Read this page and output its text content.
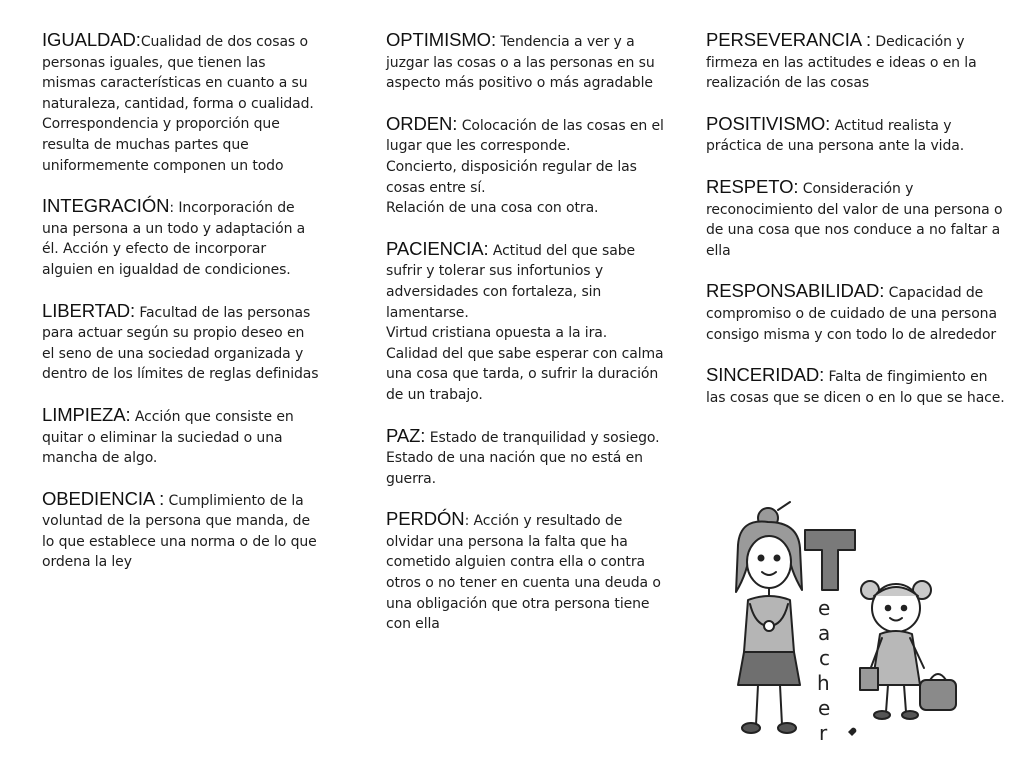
IGUALDAD:Cualidad de dos cosas o personas iguales, que tienen las mismas características en cuanto a su naturaleza, cantidad, forma o cualidad. Correspondencia y proporción que resulta de muchas partes que uniformemente componen un todo

INTEGRACIÓN: Incorporación de una persona a un todo y adaptación a él. Acción y efecto de incorporar alguien en igualdad de condiciones.

LIBERTAD: Facultad de las personas para actuar según su propio deseo en el seno de una sociedad organizada y dentro de los límites de reglas definidas

LIMPIEZA: Acción que consiste en quitar o eliminar la suciedad o una mancha de algo.

OBEDIENCIA : Cumplimiento de la voluntad de la persona que manda, de lo que establece una norma o de lo que ordena la ley

OPTIMISMO: Tendencia a ver y a juzgar las cosas o a las personas en su aspecto más positivo o más agradable

ORDEN: Colocación de las cosas en el lugar que les corresponde.
Concierto, disposición regular de las cosas entre sí.
Relación de una cosa con otra.

PACIENCIA: Actitud del que sabe sufrir y tolerar sus infortunios y adversidades con fortaleza, sin lamentarse.
Virtud cristiana opuesta a la ira.
Calidad del que sabe esperar con calma una cosa que tarda, o sufrir la duración de un trabajo.

PAZ: Estado de tranquilidad y sosiego. Estado de una nación que no está en guerra.

PERDÓN: Acción y resultado de olvidar una persona la falta que ha cometido alguien contra ella o contra otros o no tener en cuenta una deuda o una obligación que otra persona tiene con ella

PERSEVERANCIA : Dedicación y firmeza en las actitudes e ideas o en la realización de las cosas

POSITIVISMO: Actitud realista y práctica de una persona ante la vida.

RESPETO: Consideración y reconocimiento del valor de una persona o de una cosa que nos conduce a no faltar a ella

RESPONSABILIDAD: Capacidad de compromiso o de cuidado de una persona consigo misma y con todo lo de alrededor

SINCERIDAD: Falta de fingimiento en las cosas que se dicen o en lo que se hace.

e
a
c
h
e
r
